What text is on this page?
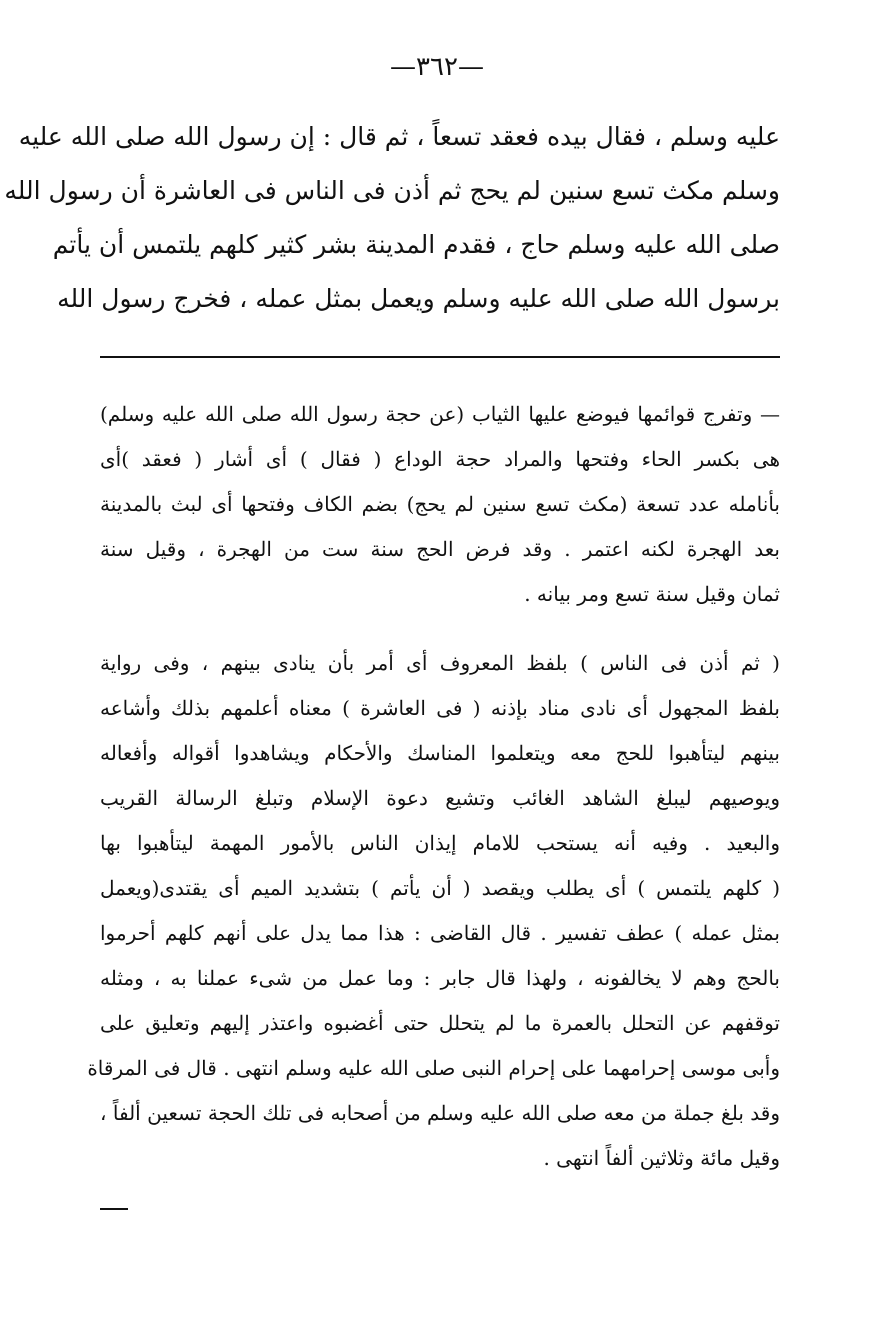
—٣٦٢—
عليه وسلم ، فقال بيده فعقد تسعاً ، ثم قال : إن رسول الله صلى الله عليه
وسلم مكث تسع سنين لم يحج ثم أذن فى الناس فى العاشرة أن رسول الله
صلى الله عليه وسلم حاج ، فقدم المدينة بشر كثير كلهم يلتمس أن يأتم
برسول الله صلى الله عليه وسلم ويعمل بمثل عمله ، فخرج رسول الله
— وتفرج قوائمها فيوضع عليها الثياب (عن حجة رسول الله صلى الله عليه وسلم)
هى بكسر الحاء وفتحها والمراد حجة الوداع ( فقال ) أى أشار ( فعقد )أى
بأنامله عدد تسعة (مكث تسع سنين لم يحج) بضم الكاف وفتحها أى لبث بالمدينة
بعد الهجرة لكنه اعتمر . وقد فرض الحج سنة ست من الهجرة ، وقيل سنة
ثمان وقيل سنة تسع ومر بيانه .
( ثم أذن فى الناس ) بلفظ المعروف أى أمر بأن ينادى بينهم ، وفى رواية
بلفظ المجهول أى نادى مناد بإذنه ( فى العاشرة ) معناه أعلمهم بذلك وأشاعه
بينهم ليتأهبوا للحج معه ويتعلموا المناسك والأحكام ويشاهدوا أقواله وأفعاله
ويوصيهم ليبلغ الشاهد الغائب وتشيع دعوة الإسلام وتبلغ الرسالة القريب
والبعيد . وفيه أنه يستحب للامام إيذان الناس بالأمور المهمة ليتأهبوا بها
( كلهم يلتمس ) أى يطلب ويقصد ( أن يأتم ) بتشديد الميم أى يقتدى(ويعمل
بمثل عمله ) عطف تفسير . قال القاضى : هذا مما يدل على أنهم كلهم أحرموا
بالحج وهم لا يخالفونه ، ولهذا قال جابر : وما عمل من شىء عملنا به ، ومثله
توقفهم عن التحلل بالعمرة ما لم يتحلل حتى أغضبوه واعتذر إليهم وتعليق على
وأبى موسى إحرامهما على إحرام النبى صلى الله عليه وسلم انتهى . قال فى المرقاة
وقد بلغ جملة من معه صلى الله عليه وسلم من أصحابه فى تلك الحجة تسعين ألفاً ،
وقيل مائة وثلاثين ألفاً انتهى .
